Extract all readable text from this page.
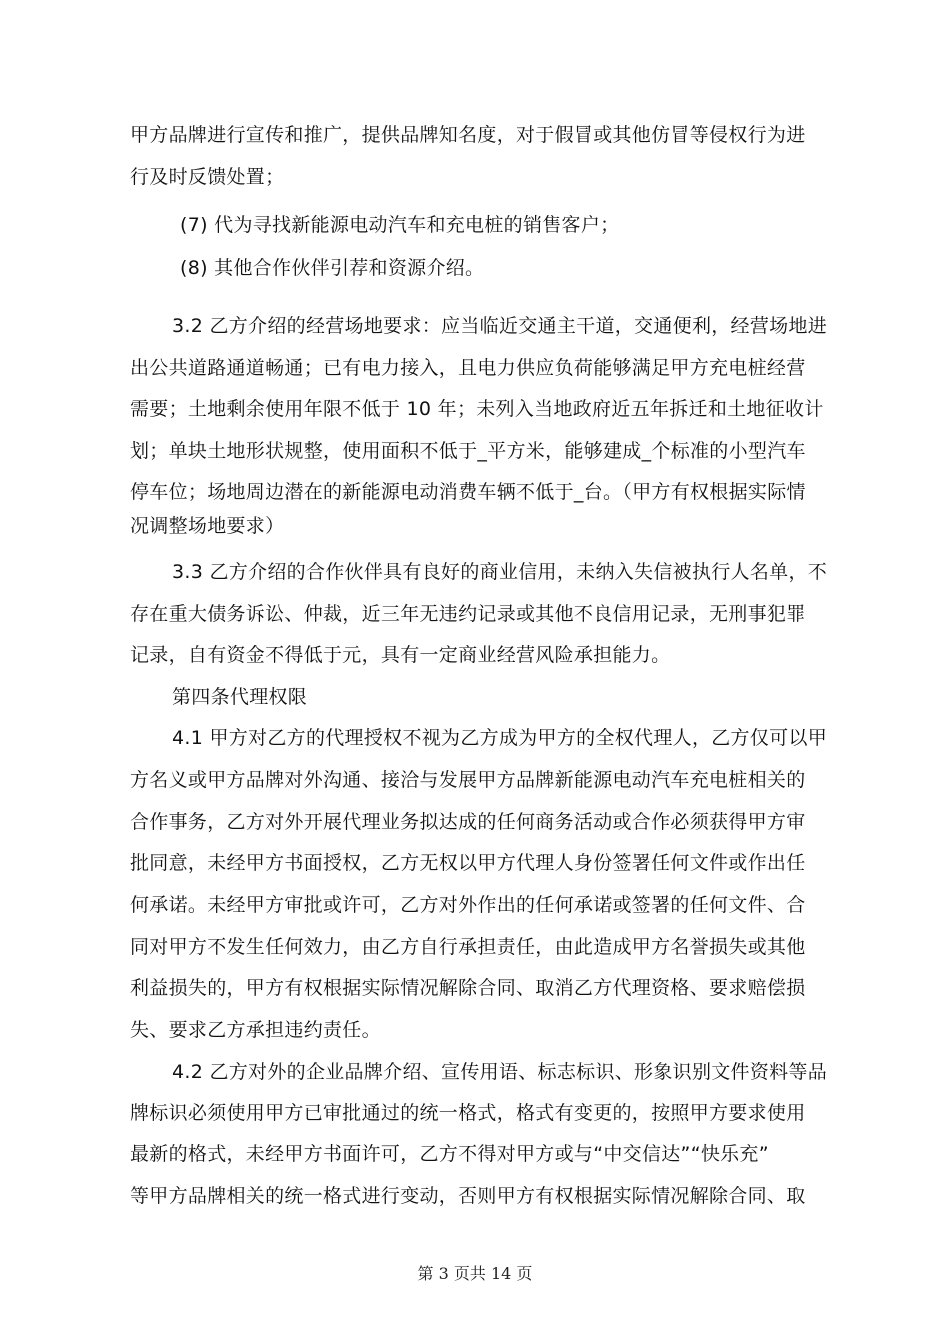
甲方品牌进行宣传和推广，提供品牌知名度，对于假冒或其他仿冒等侵权行为进
行及时反馈处置；
(7) 代为寻找新能源电动汽车和充电桩的销售客户；
(8) 其他合作伙伴引荐和资源介绍。
3.2 乙方介绍的经营场地要求：应当临近交通主干道，交通便利，经营场地进
出公共道路通道畅通；已有电力接入，且电力供应负荷能够满足甲方充电桩经营
需要；土地剩余使用年限不低于 10 年；未列入当地政府近五年拆迁和土地征收计
划；单块土地形状规整，使用面积不低于_平方米，能够建成_个标准的小型汽车
停车位；场地周边潜在的新能源电动消费车辆不低于_台。（甲方有权根据实际情
况调整场地要求）
3.3 乙方介绍的合作伙伴具有良好的商业信用，未纳入失信被执行人名单，不
存在重大债务诉讼、仲裁，近三年无违约记录或其他不良信用记录，无刑事犯罪
记录，自有资金不得低于元，具有一定商业经营风险承担能力。
第四条代理权限
4.1 甲方对乙方的代理授权不视为乙方成为甲方的全权代理人，乙方仅可以甲
方名义或甲方品牌对外沟通、接洽与发展甲方品牌新能源电动汽车充电桩相关的
合作事务，乙方对外开展代理业务拟达成的任何商务活动或合作必须获得甲方审
批同意，未经甲方书面授权，乙方无权以甲方代理人身份签署任何文件或作出任
何承诺。未经甲方审批或许可，乙方对外作出的任何承诺或签署的任何文件、合
同对甲方不发生任何效力，由乙方自行承担责任，由此造成甲方名誉损失或其他
利益损失的，甲方有权根据实际情况解除合同、取消乙方代理资格、要求赔偿损
失、要求乙方承担违约责任。
4.2 乙方对外的企业品牌介绍、宣传用语、标志标识、形象识别文件资料等品
牌标识必须使用甲方已审批通过的统一格式，格式有变更的，按照甲方要求使用
最新的格式，未经甲方书面许可，乙方不得对甲方或与“中交信达”“快乐充”
等甲方品牌相关的统一格式进行变动，否则甲方有权根据实际情况解除合同、取
第 3 页共 14 页
